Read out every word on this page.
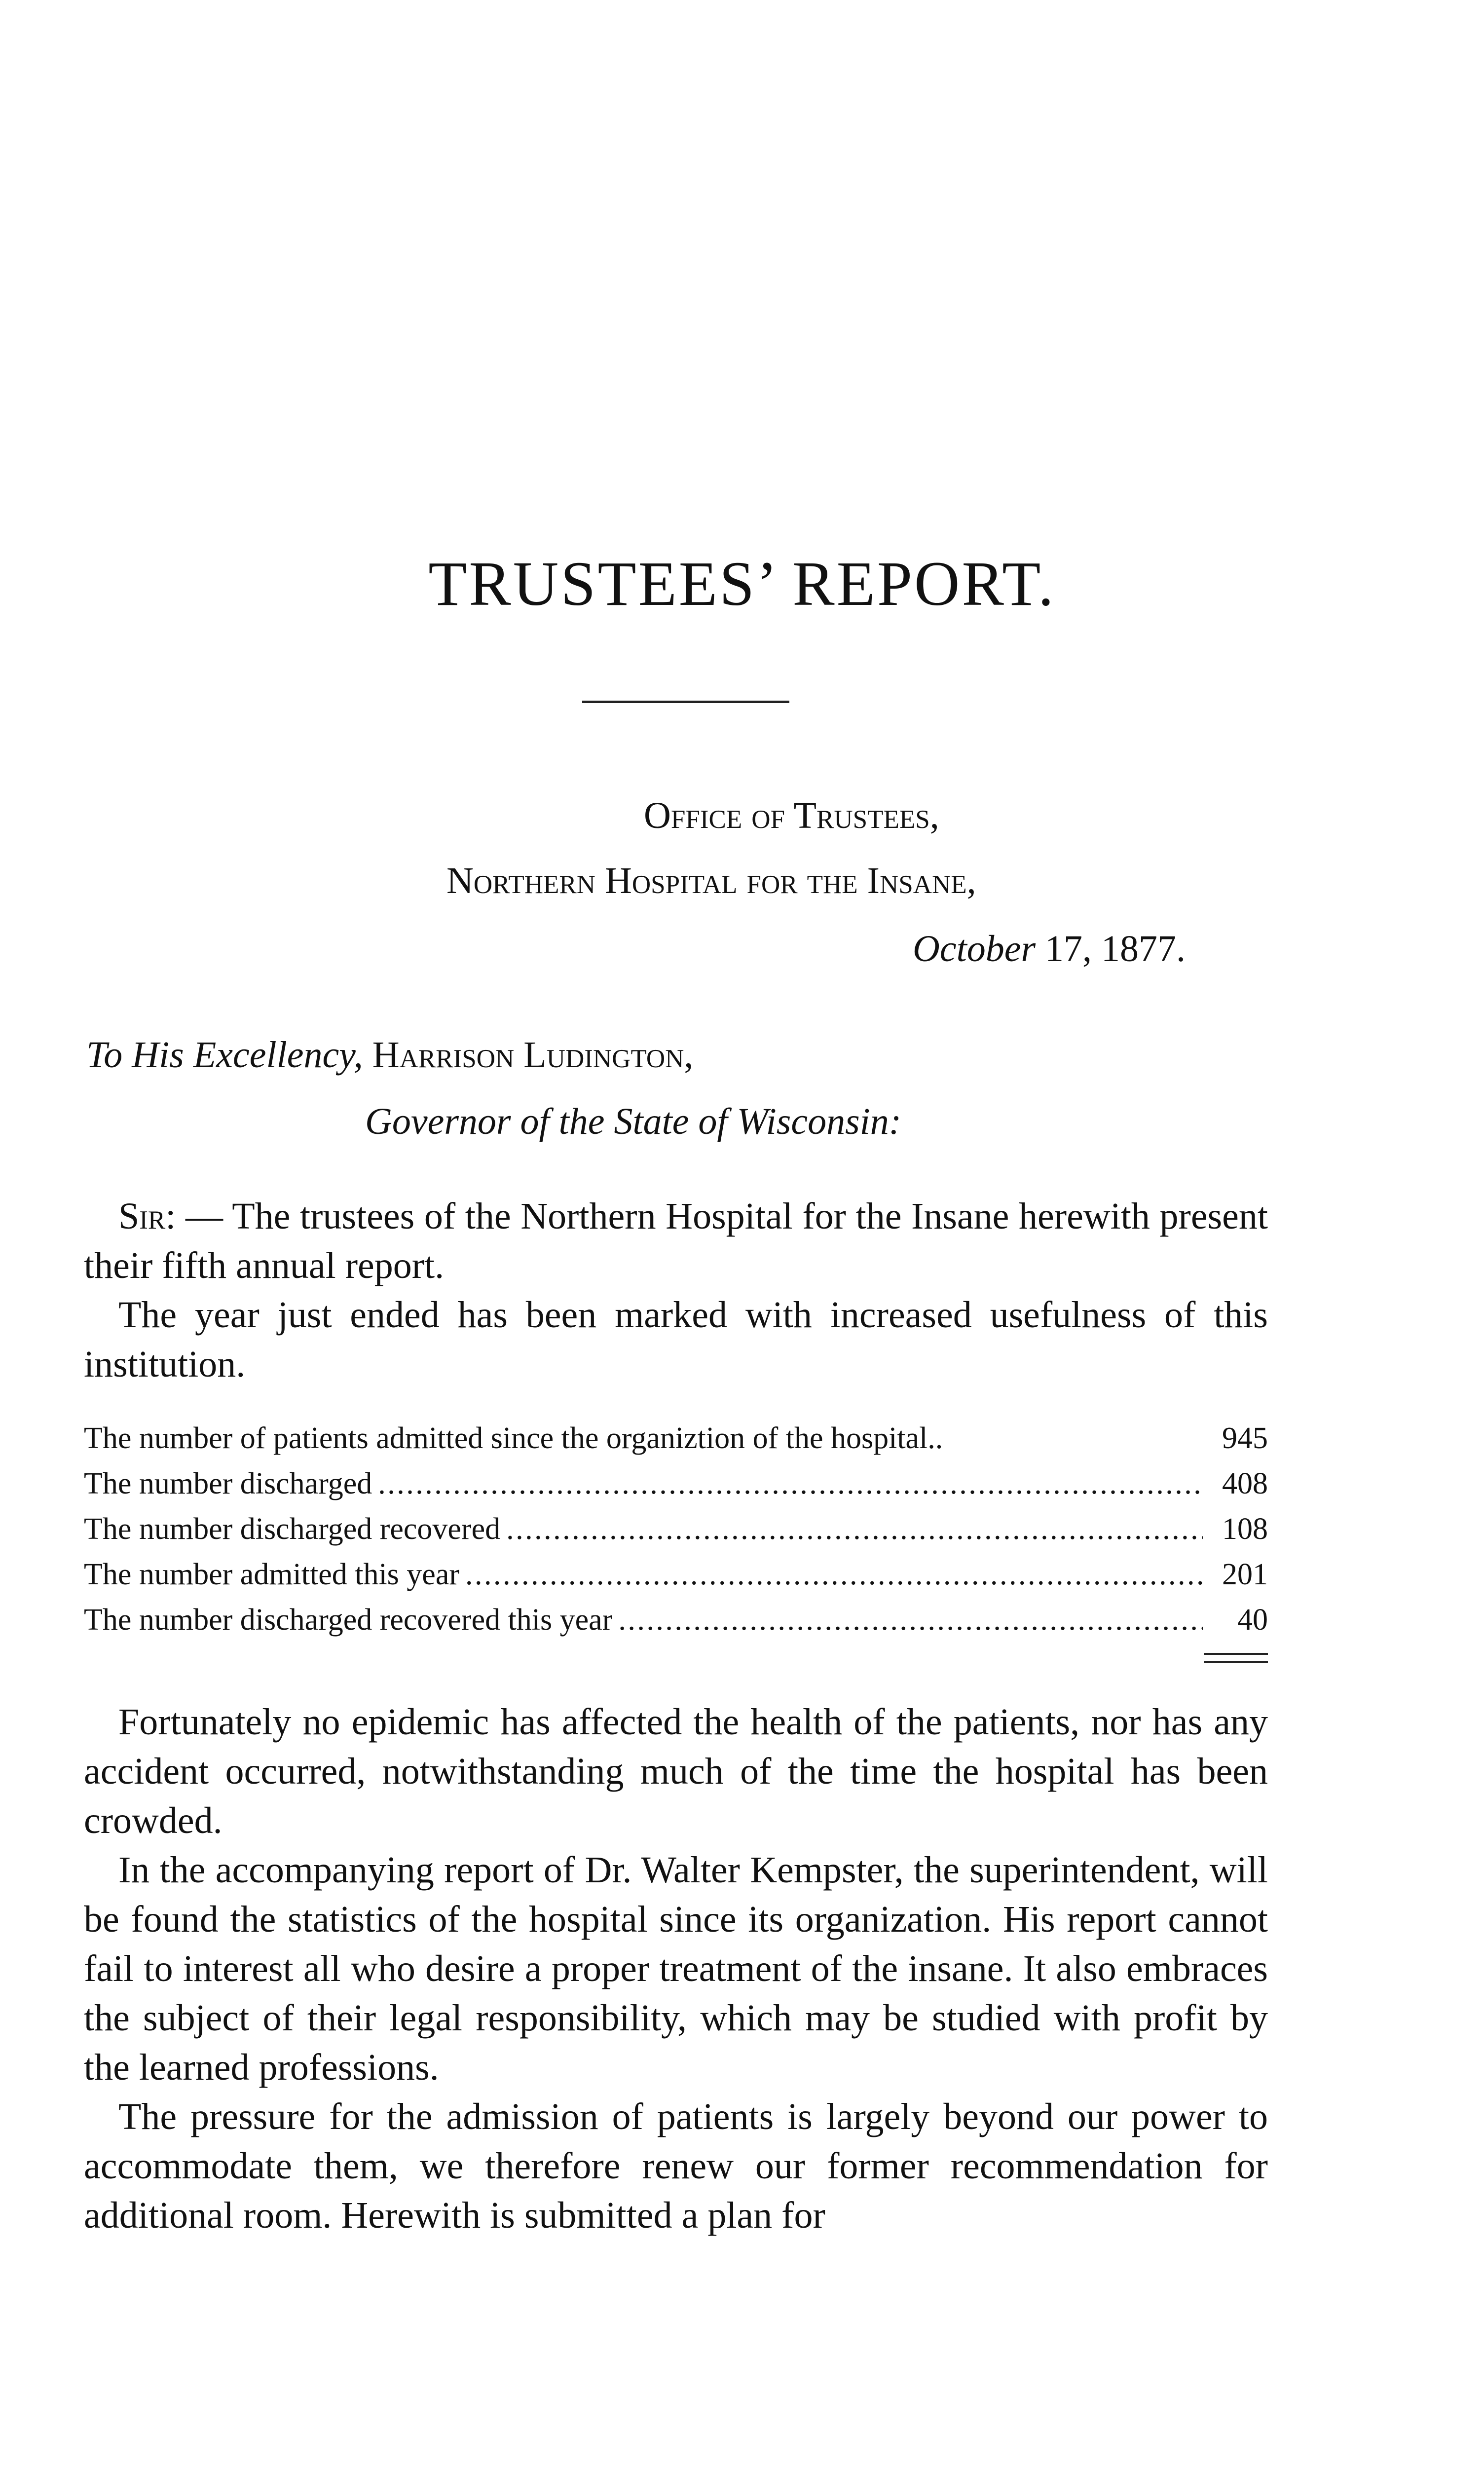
TRUSTEES’ REPORT.
Office of Trustees,
Northern Hospital for the Insane,
October 17, 1877.
To His Excellency, Harrison Ludington,
Governor of the State of Wisconsin:

Sir: — The trustees of the Northern Hospital for the Insane herewith present their fifth annual report.

The year just ended has been marked with increased usefulness of this institution.

The number of patients admitted since the organiztion of the hospital..	945
The number discharged . . .	408
The number discharged recovered . . .	108
The number admitted this year . . .	201
The number discharged recovered this year . . .	40

Fortunately no epidemic has affected the health of the patients, nor has any accident occurred, notwithstanding much of the time the hospital has been crowded.

In the accompanying report of Dr. Walter Kempster, the superintendent, will be found the statistics of the hospital since its organization. His report cannot fail to interest all who desire a proper treatment of the insane. It also embraces the subject of their legal responsibility, which may be studied with profit by the learned professions.

The pressure for the admission of patients is largely beyond our power to accommodate them, we therefore renew our former recommendation for additional room. Herewith is submitted a plan for
